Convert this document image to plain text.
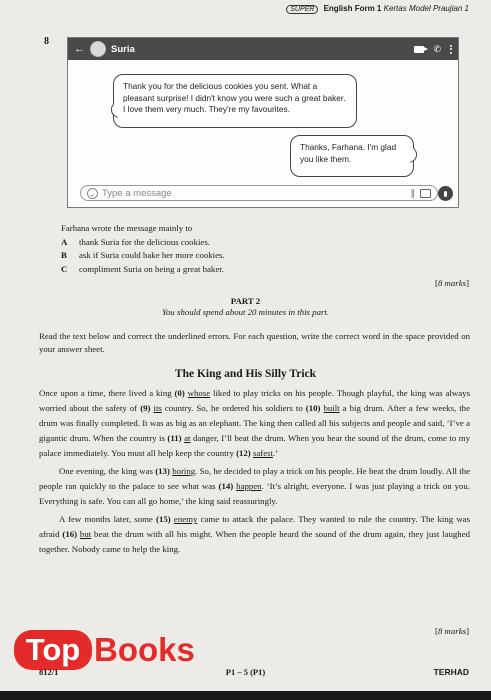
SUPER English Form 1 Kertas Model Praujian 1
8
←	Suria	✆
Thank you for the delicious cookies you sent. What a pleasant surprise! I didn't know you were such a great baker. I love them very much. They're my favourites.
Thanks, Farhana. I'm glad you like them.
Type a message	∥
Farhana wrote the message mainly to
A	thank Suria for the delicious cookies.
B	ask if Suria could bake her more cookies.
C	compliment Suria on being a great baker.
[8 marks]
PART 2
You should spend about 20 minutes in this part.
Read the text below and correct the underlined errors. For each question, write the correct word in the space provided on your answer sheet.
The King and His Silly Trick

Once upon a time, there lived a king (0) whose liked to play tricks on his people. Though playful, the king was always worried about the safety of (9) its country. So, he ordered his soldiers to (10) built a big drum. After a few weeks, the drum was finally completed. It was as big as an elephant. The king then called all his subjects and people and said, ‘I’ve a gigantic drum. When the country is (11) at danger, I’ll beat the drum. When you hear the sound of the drum, come to my palace immediately. You must all help keep the country (12) safest.’

One evening, the king was (13) boring. So, he decided to play a trick on his people. He beat the drum loudly. All the people ran quickly to the palace to see what was (14) happen. ‘It’s alright, everyone. I was just playing a trick on you. Everything is safe. You can all go home,’ the king said reassuringly.

A few months later, some (15) enemy came to attack the palace. They wanted to rule the country. The king was afraid (16) but beat the drum with all his might. When the people heard the sound of the drum again, they just laughed together. Nobody came to help the king.

[8 marks]
Top Books
812/1	P1 – 5 (P1)	TERHAD
